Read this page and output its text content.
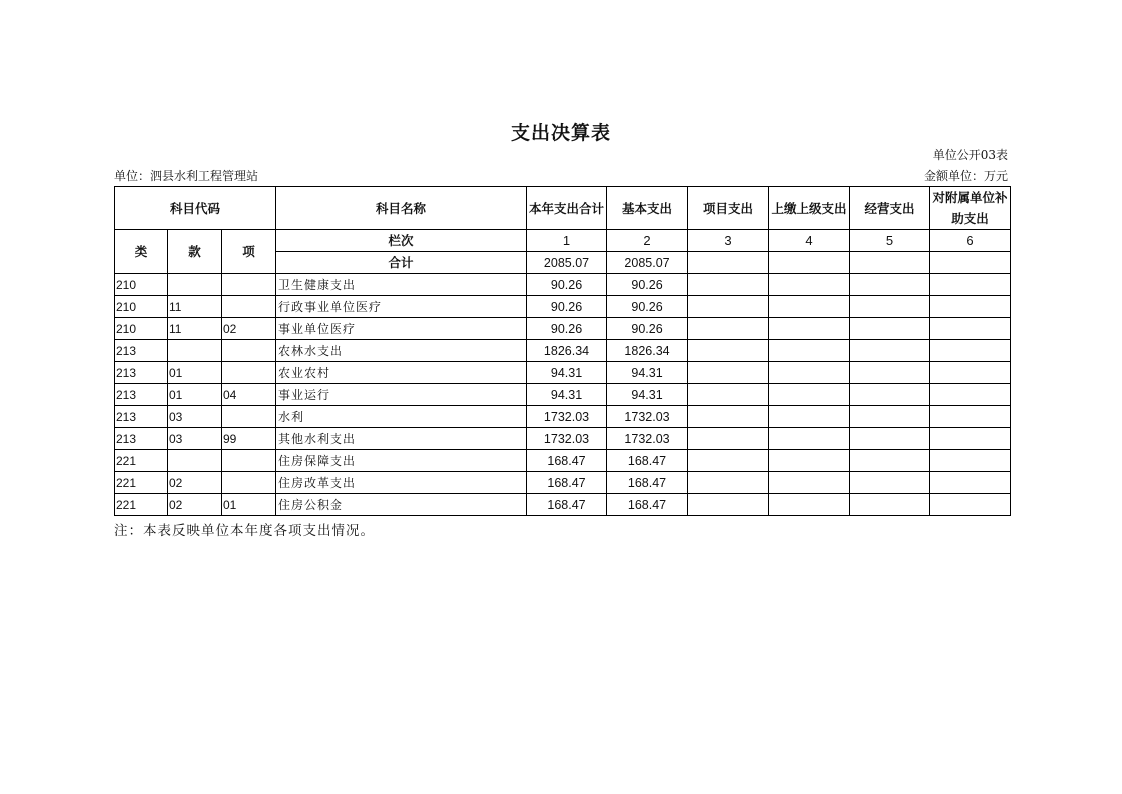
支出决算表
单位公开03表
单位：泗县水利工程管理站	金额单位：万元
科目代码			科目名称	本年支出合计	基本支出	项目支出	上缴上级支出	经营支出	对附属单位补助支出
类	款	项	栏次	1	2	3	4	5	6
			合计	2085.07	2085.07				
210			卫生健康支出	90.26	90.26				
210	11		行政事业单位医疗	90.26	90.26				
210	11	02	事业单位医疗	90.26	90.26				
213			农林水支出	1826.34	1826.34				
213	01		农业农村	94.31	94.31				
213	01	04	事业运行	94.31	94.31				
213	03		水利	1732.03	1732.03				
213	03	99	其他水利支出	1732.03	1732.03				
221			住房保障支出	168.47	168.47				
221	02		住房改革支出	168.47	168.47				
221	02	01	住房公积金	168.47	168.47				
注：本表反映单位本年度各项支出情况。
